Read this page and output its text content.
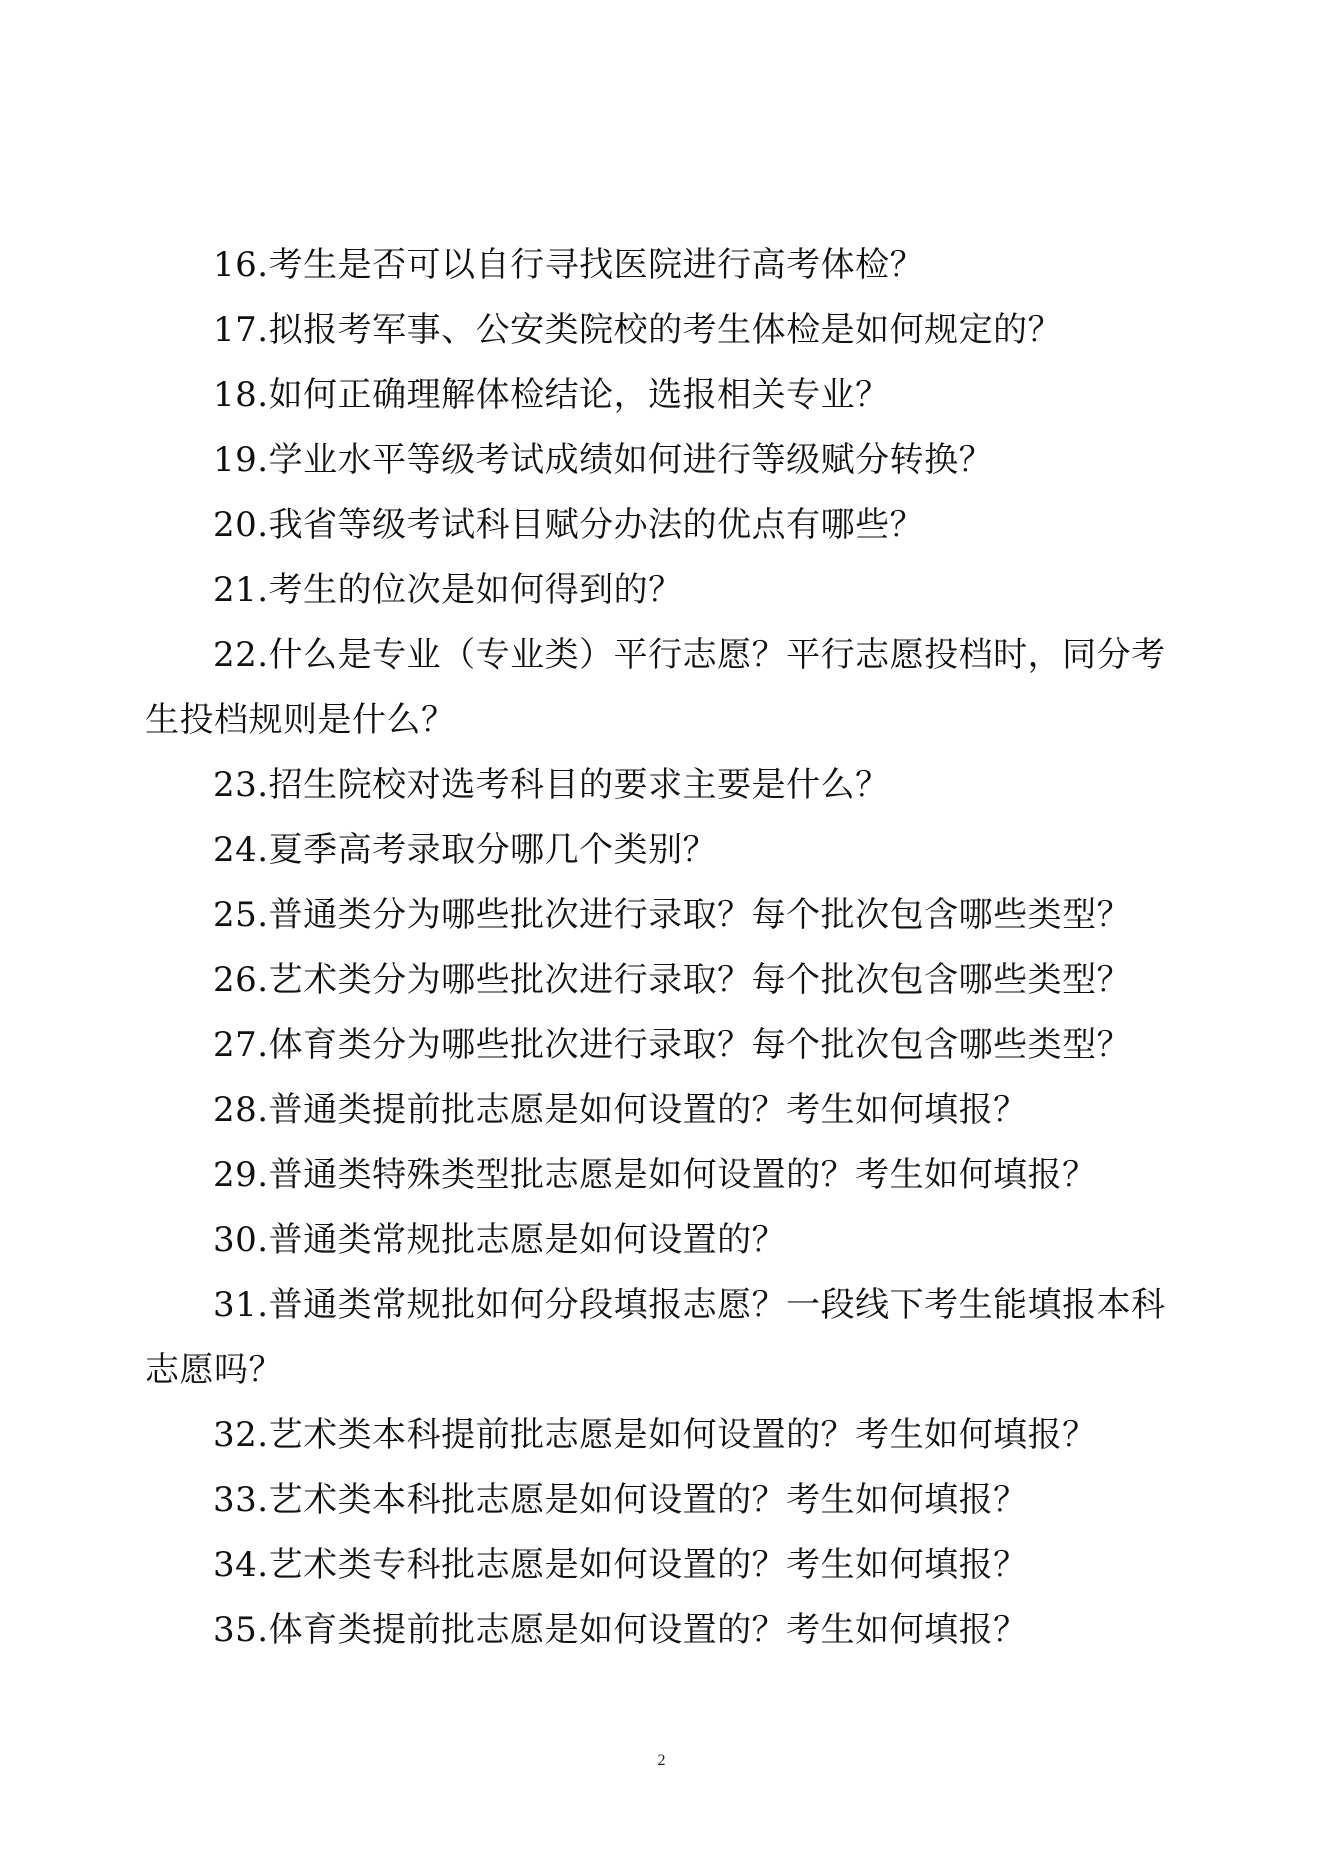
16.考生是否可以自行寻找医院进行高考体检？

17.拟报考军事、公安类院校的考生体检是如何规定的？

18.如何正确理解体检结论，选报相关专业？

19.学业水平等级考试成绩如何进行等级赋分转换？

20.我省等级考试科目赋分办法的优点有哪些？

21.考生的位次是如何得到的？

22.什么是专业（专业类）平行志愿？平行志愿投档时，同分考生投档规则是什么？

23.招生院校对选考科目的要求主要是什么？

24.夏季高考录取分哪几个类别？

25.普通类分为哪些批次进行录取？每个批次包含哪些类型？

26.艺术类分为哪些批次进行录取？每个批次包含哪些类型？

27.体育类分为哪些批次进行录取？每个批次包含哪些类型？

28.普通类提前批志愿是如何设置的？考生如何填报？

29.普通类特殊类型批志愿是如何设置的？考生如何填报？

30.普通类常规批志愿是如何设置的？

31.普通类常规批如何分段填报志愿？一段线下考生能填报本科志愿吗？

32.艺术类本科提前批志愿是如何设置的？考生如何填报？

33.艺术类本科批志愿是如何设置的？考生如何填报？

34.艺术类专科批志愿是如何设置的？考生如何填报？

35.体育类提前批志愿是如何设置的？考生如何填报？

2
